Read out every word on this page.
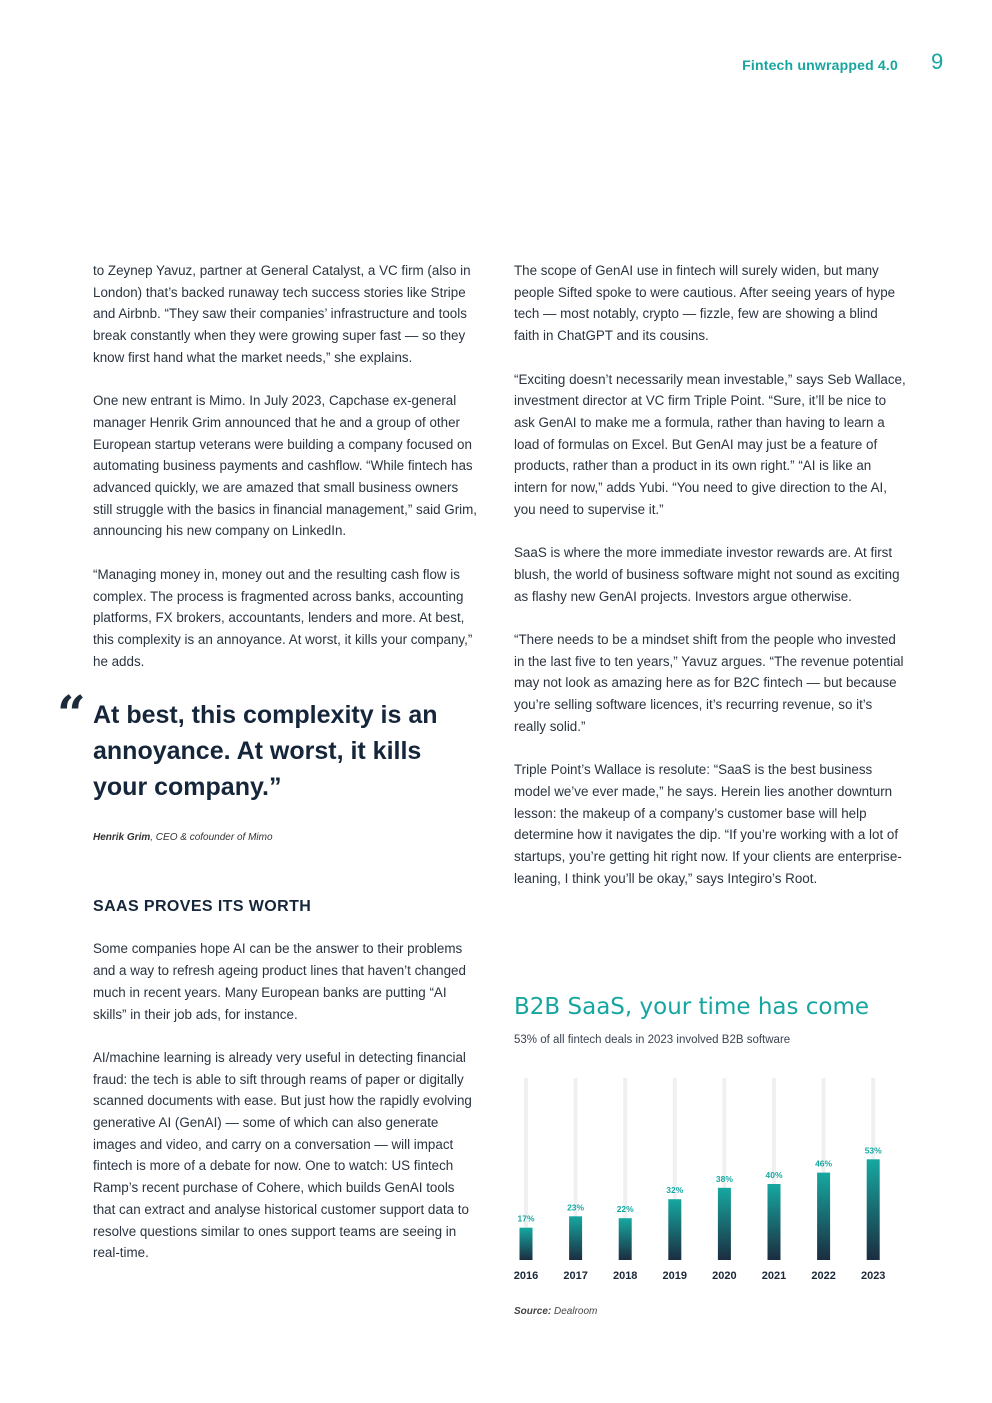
Fintech unwrapped 4.0 9

to Zeynep Yavuz, partner at General Catalyst, a VC firm (also in London) that’s backed runaway tech success stories like Stripe and Airbnb. “They saw their companies’ infrastructure and tools break constantly when they were growing super fast — so they know first hand what the market needs,” she explains.

One new entrant is Mimo. In July 2023, Capchase ex-general manager Henrik Grim announced that he and a group of other European startup veterans were building a company focused on automating business payments and cashflow. “While fintech has advanced quickly, we are amazed that small business owners still struggle with the basics in financial management,” said Grim, announcing his new company on LinkedIn.

“Managing money in, money out and the resulting cash flow is complex. The process is fragmented across banks, accounting platforms, FX brokers, accountants, lenders and more. At best, this complexity is an annoyance. At worst, it kills your company,” he adds.

“ At best, this complexity is an annoyance. At worst, it kills your company.”

Henrik Grim, CEO & cofounder of Mimo
SAAS PROVES ITS WORTH

Some companies hope AI can be the answer to their problems and a way to refresh ageing product lines that haven’t changed much in recent years. Many European banks are putting “AI skills” in their job ads, for instance.

AI/machine learning is already very useful in detecting financial fraud: the tech is able to sift through reams of paper or digitally scanned documents with ease. But just how the rapidly evolving generative AI (GenAI) — some of which can also generate images and video, and carry on a conversation — will impact fintech is more of a debate for now. One to watch: US fintech Ramp’s recent purchase of Cohere, which builds GenAI tools that can extract and analyse historical customer support data to resolve questions similar to ones support teams are seeing in real-time.

The scope of GenAI use in fintech will surely widen, but many people Sifted spoke to were cautious. After seeing years of hype tech — most notably, crypto — fizzle, few are showing a blind faith in ChatGPT and its cousins.

“Exciting doesn’t necessarily mean investable,” says Seb Wallace, investment director at VC firm Triple Point. “Sure, it’ll be nice to ask GenAI to make me a formula, rather than having to learn a load of formulas on Excel. But GenAI may just be a feature of products, rather than a product in its own right.” “AI is like an intern for now,” adds Yubi. “You need to give direction to the AI, you need to supervise it.”

SaaS is where the more immediate investor rewards are. At first blush, the world of business software might not sound as exciting as flashy new GenAI projects. Investors argue otherwise.

“There needs to be a mindset shift from the people who invested in the last five to ten years,” Yavuz argues. “The revenue potential may not look as amazing here as for B2C fintech — but because you’re selling software licences, it’s recurring revenue, so it’s really solid.”

Triple Point’s Wallace is resolute: “SaaS is the best business model we’ve ever made,” he says. Herein lies another downturn lesson: the makeup of a company’s customer base will help determine how it navigates the dip. “If you’re working with a lot of startups, you’re getting hit right now. If your clients are enterprise-leaning, I think you’ll be okay,” says Integiro’s Root.

B2B SaaS, your time has come
53% of all fintech deals in 2023 involved B2B software
17%
2016
23%
2017
22%
2018
32%
2019
38%
2020
40%
2021
46%
2022
53%
2023
Source: Dealroom
